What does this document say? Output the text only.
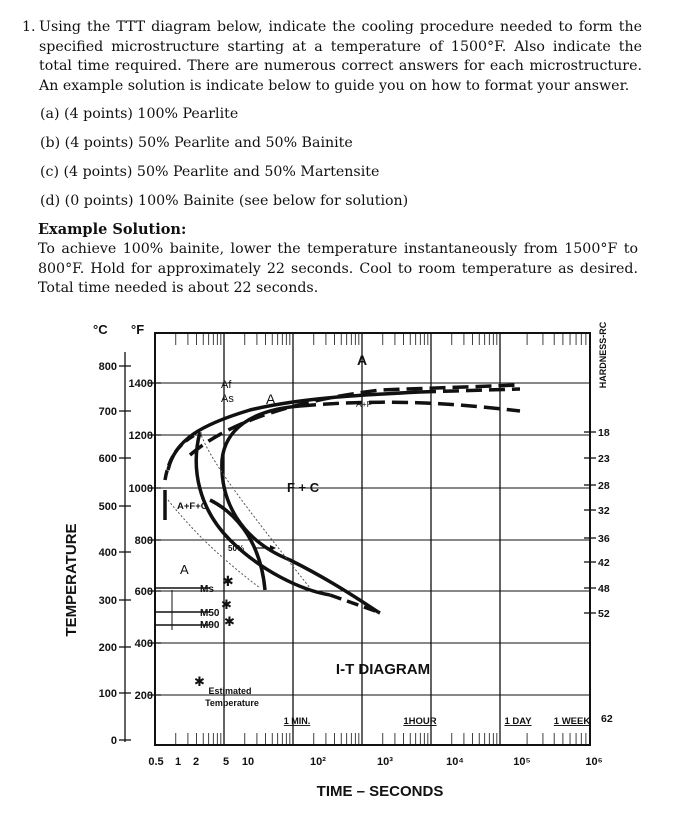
1. Using the TTT diagram below, indicate the cooling procedure needed to form the specified microstructure starting at a temperature of 1500°F. Also indicate the total time required. There are numerous correct answers for each microstructure. An example solution is indicate below to guide you on how to format your answer.
(a) (4 points) 100% Pearlite
(b) (4 points) 50% Pearlite and 50% Bainite
(c) (4 points) 50% Pearlite and 50% Martensite
(d) (0 points) 100% Bainite (see below for solution)
Example Solution:
To achieve 100% bainite, lower the temperature instantaneously from 1500°F to 800°F. Hold for approximately 22 seconds. Cool to room temperature as desired. Total time needed is about 22 seconds.
800
700
600
500
400
300
200
100
0
1400
1200
1000
800
600
400
200
18
23
28
32
36
42
48
52
0.5 1 2 5 10	10²	10³	10⁴	10⁵	10⁶
°C °F
TEMPERATURE
HARDNESS-RC
TIME – SECONDS
I-T DIAGRAM
1 MIN.	1HOUR	1 DAY 1 WEEK 62
A
Af
As A	A+F
F + C
A+F+C
A
50%
Ms
M50
M90
Estimated
Temperature
✱
✱
✱
✱
